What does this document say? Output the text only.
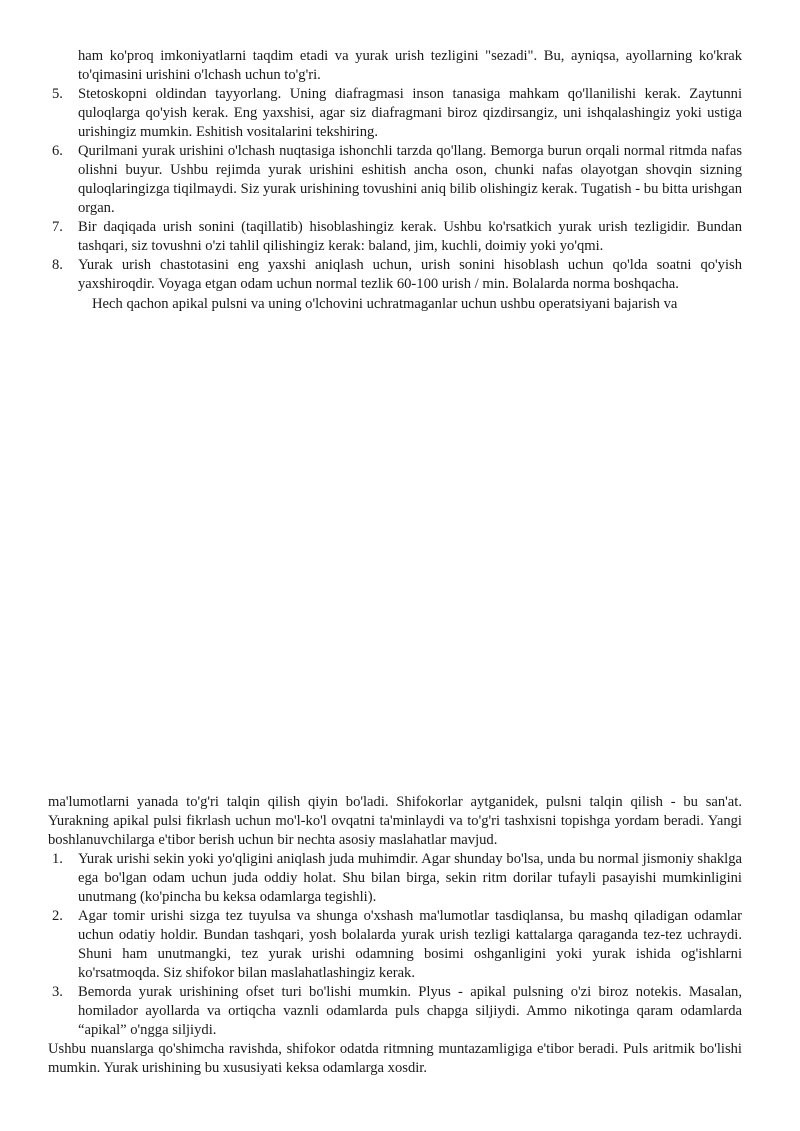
ham ko'proq imkoniyatlarni taqdim etadi va yurak urish tezligini "sezadi". Bu, ayniqsa, ayollarning ko'krak to'qimasini urishini o'lchash uchun to'g'ri.

5. Stetoskopni oldindan tayyorlang. Uning diafragmasi inson tanasiga mahkam qo'llanilishi kerak. Zaytunni quloqlarga qo'yish kerak. Eng yaxshisi, agar siz diafragmani biroz qizdirsangiz, uni ishqalashingiz yoki ustiga urishingiz mumkin. Eshitish vositalarini tekshiring.
6. Qurilmani yurak urishini o'lchash nuqtasiga ishonchli tarzda qo'llang. Bemorga burun orqali normal ritmda nafas olishni buyur. Ushbu rejimda yurak urishini eshitish ancha oson, chunki nafas olayotgan shovqin sizning quloqlaringizga tiqilmaydi. Siz yurak urishining tovushini aniq bilib olishingiz kerak. Tugatish - bu bitta urishgan organ.
7. Bir daqiqada urish sonini (taqillatib) hisoblashingiz kerak. Ushbu ko'rsatkich yurak urish tezligidir. Bundan tashqari, siz tovushni o'zi tahlil qilishingiz kerak: baland, jim, kuchli, doimiy yoki yo'qmi.
8. Yurak urish chastotasini eng yaxshi aniqlash uchun, urish sonini hisoblash uchun qo'lda soatni qo'yish yaxshiroqdir. Voyaga etgan odam uchun normal tezlik 60-100 urish / min. Bolalarda norma boshqacha.

Hech qachon apikal pulsni va uning o'lchovini uchratmaganlar uchun ushbu operatsiyani bajarish va

ma'lumotlarni yanada to'g'ri talqin qilish qiyin bo'ladi. Shifokorlar aytganidek, pulsni talqin qilish - bu san'at. Yurakning apikal pulsi fikrlash uchun mo'l-ko'l ovqatni ta'minlaydi va to'g'ri tashxisni topishga yordam beradi. Yangi boshlanuvchilarga e'tibor berish uchun bir nechta asosiy maslahatlar mavjud.

1. Yurak urishi sekin yoki yo'qligini aniqlash juda muhimdir. Agar shunday bo'lsa, unda bu normal jismoniy shaklga ega bo'lgan odam uchun juda oddiy holat. Shu bilan birga, sekin ritm dorilar tufayli pasayishi mumkinligini unutmang (ko'pincha bu keksa odamlarga tegishli).
2. Agar tomir urishi sizga tez tuyulsa va shunga o'xshash ma'lumotlar tasdiqlansa, bu mashq qiladigan odamlar uchun odatiy holdir. Bundan tashqari, yosh bolalarda yurak urish tezligi kattalarga qaraganda tez-tez uchraydi. Shuni ham unutmangki, tez yurak urishi odamning bosimi oshganligini yoki yurak ishida og'ishlarni ko'rsatmoqda. Siz shifokor bilan maslahatlashingiz kerak.
3. Bemorda yurak urishining ofset turi bo'lishi mumkin. Plyus - apikal pulsning o'zi biroz notekis. Masalan, homilador ayollarda va ortiqcha vaznli odamlarda puls chapga siljiydi. Ammo nikotinga qaram odamlarda “apikal” o'ngga siljiydi.

Ushbu nuanslarga qo'shimcha ravishda, shifokor odatda ritmning muntazamligiga e'tibor beradi. Puls aritmik bo'lishi mumkin. Yurak urishining bu xususiyati keksa odamlarga xosdir.
